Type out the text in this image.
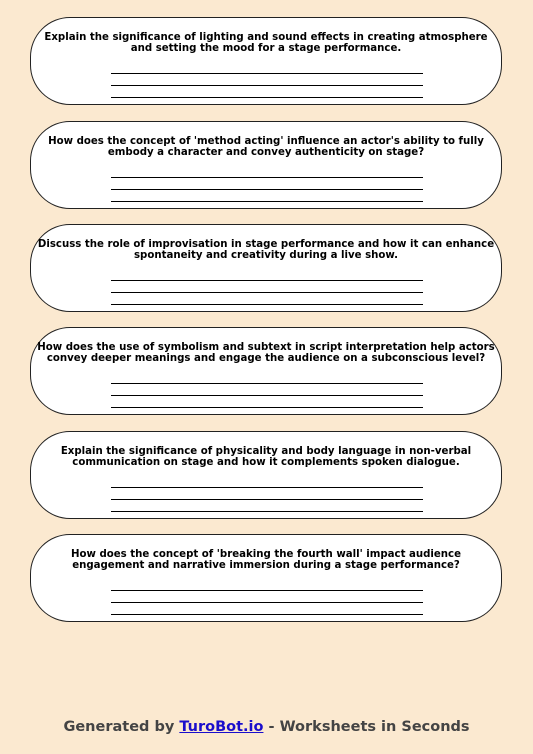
Explain the significance of lighting and sound effects in creating atmosphere and setting the mood for a stage performance.
How does the concept of 'method acting' influence an actor's ability to fully embody a character and convey authenticity on stage?
Discuss the role of improvisation in stage performance and how it can enhance spontaneity and creativity during a live show.
How does the use of symbolism and subtext in script interpretation help actors convey deeper meanings and engage the audience on a subconscious level?
Explain the significance of physicality and body language in non-verbal communication on stage and how it complements spoken dialogue.
How does the concept of 'breaking the fourth wall' impact audience engagement and narrative immersion during a stage performance?
Generated by TuroBot.io - Worksheets in Seconds
